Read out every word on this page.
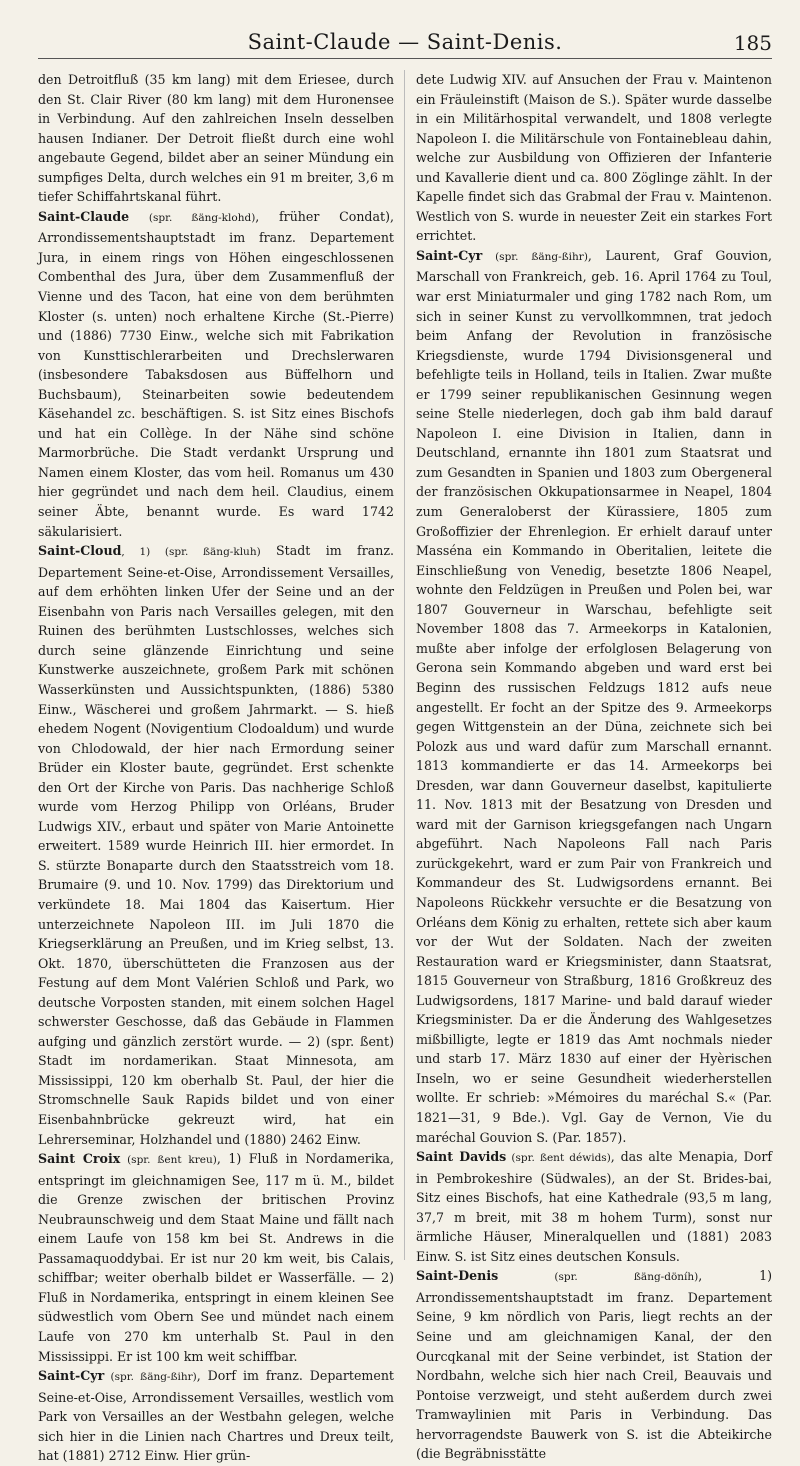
Saint-Claude — Saint-Denis.	185

den Detroitfluß (35 km lang) mit dem Eriesee, durch den St. Clair River (80 km lang) mit dem Huronensee in Verbindung. Auf den zahlreichen Inseln desselben hausen Indianer. Der Detroit fließt durch eine wohl angebaute Gegend, bildet aber an seiner Mündung ein sumpfiges Delta, durch welches ein 91 m breiter, 3,6 m tiefer Schiffahrtskanal führt.

Saint-Claude (spr. ßäng-klohd), früher Condat), Arrondissementshauptstadt im franz. Departement Jura, in einem rings von Höhen eingeschlossenen Combenthal des Jura, über dem Zusammenfluß der Vienne und des Tacon, hat eine von dem berühmten Kloster (s. unten) noch erhaltene Kirche (St.-Pierre) und (1886) 7730 Einw., welche sich mit Fabrikation von Kunsttischlerarbeiten und Drechslerwaren (insbesondere Tabaksdosen aus Büffelhorn und Buchsbaum), Steinarbeiten sowie bedeutendem Käsehandel zc. beschäftigen. S. ist Sitz eines Bischofs und hat ein Collège. In der Nähe sind schöne Marmorbrüche. Die Stadt verdankt Ursprung und Namen einem Kloster, das vom heil. Romanus um 430 hier gegründet und nach dem heil. Claudius, einem seiner Äbte, benannt wurde. Es ward 1742 säkularisiert.

Saint-Cloud, 1) (spr. ßäng-kluh) Stadt im franz. Departement Seine-et-Oise, Arrondissement Versailles, auf dem erhöhten linken Ufer der Seine und an der Eisenbahn von Paris nach Versailles gelegen, mit den Ruinen des berühmten Lustschlosses, welches sich durch seine glänzende Einrichtung und seine Kunstwerke auszeichnete, großem Park mit schönen Wasserkünsten und Aussichtspunkten, (1886) 5380 Einw., Wäscherei und großem Jahrmarkt. — S. hieß ehedem Nogent (Novigentium Clodoaldum) und wurde von Chlodowald, der hier nach Ermordung seiner Brüder ein Kloster baute, gegründet. Erst schenkte den Ort der Kirche von Paris. Das nachherige Schloß wurde vom Herzog Philipp von Orléans, Bruder Ludwigs XIV., erbaut und später von Marie Antoinette erweitert. 1589 wurde Heinrich III. hier ermordet. In S. stürzte Bonaparte durch den Staatsstreich vom 18. Brumaire (9. und 10. Nov. 1799) das Direktorium und verkündete 18. Mai 1804 das Kaisertum. Hier unterzeichnete Napoleon III. im Juli 1870 die Kriegserklärung an Preußen, und im Krieg selbst, 13. Okt. 1870, überschütteten die Franzosen aus der Festung auf dem Mont Valérien Schloß und Park, wo deutsche Vorposten standen, mit einem solchen Hagel schwerster Geschosse, daß das Gebäude in Flammen aufging und gänzlich zerstört wurde. — 2) (spr. ßent) Stadt im nordamerikan. Staat Minnesota, am Mississippi, 120 km oberhalb St. Paul, der hier die Stromschnelle Sauk Rapids bildet und von einer Eisenbahnbrücke gekreuzt wird, hat ein Lehrerseminar, Holzhandel und (1880) 2462 Einw.

Saint Croix (spr. ßent kreu), 1) Fluß in Nordamerika, entspringt im gleichnamigen See, 117 m ü. M., bildet die Grenze zwischen der britischen Provinz Neubraunschweig und dem Staat Maine und fällt nach einem Laufe von 158 km bei St. Andrews in die Passamaquoddybai. Er ist nur 20 km weit, bis Calais, schiffbar; weiter oberhalb bildet er Wasserfälle. — 2) Fluß in Nordamerika, entspringt in einem kleinen See südwestlich vom Obern See und mündet nach einem Laufe von 270 km unterhalb St. Paul in den Mississippi. Er ist 100 km weit schiffbar.

Saint-Cyr (spr. ßäng-ßihr), Dorf im franz. Departement Seine-et-Oise, Arrondissement Versailles, westlich vom Park von Versailles an der Westbahn gelegen, welche sich hier in die Linien nach Chartres und Dreux teilt, hat (1881) 2712 Einw. Hier grün-

dete Ludwig XIV. auf Ansuchen der Frau v. Maintenon ein Fräuleinstift (Maison de S.). Später wurde dasselbe in ein Militärhospital verwandelt, und 1808 verlegte Napoleon I. die Militärschule von Fontainebleau dahin, welche zur Ausbildung von Offizieren der Infanterie und Kavallerie dient und ca. 800 Zöglinge zählt. In der Kapelle findet sich das Grabmal der Frau v. Maintenon. Westlich von S. wurde in neuester Zeit ein starkes Fort errichtet.

Saint-Cyr (spr. ßäng-ßihr), Laurent, Graf Gouvion, Marschall von Frankreich, geb. 16. April 1764 zu Toul, war erst Miniaturmaler und ging 1782 nach Rom, um sich in seiner Kunst zu vervollkommnen, trat jedoch beim Anfang der Revolution in französische Kriegsdienste, wurde 1794 Divisionsgeneral und befehligte teils in Holland, teils in Italien. Zwar mußte er 1799 seiner republikanischen Gesinnung wegen seine Stelle niederlegen, doch gab ihm bald darauf Napoleon I. eine Division in Italien, dann in Deutschland, ernannte ihn 1801 zum Staatsrat und zum Gesandten in Spanien und 1803 zum Obergeneral der französischen Okkupationsarmee in Neapel, 1804 zum Generaloberst der Kürassiere, 1805 zum Großoffizier der Ehrenlegion. Er erhielt darauf unter Masséna ein Kommando in Oberitalien, leitete die Einschließung von Venedig, besetzte 1806 Neapel, wohnte den Feldzügen in Preußen und Polen bei, war 1807 Gouverneur in Warschau, befehligte seit November 1808 das 7. Armeekorps in Katalonien, mußte aber infolge der erfolglosen Belagerung von Gerona sein Kommando abgeben und ward erst bei Beginn des russischen Feldzugs 1812 aufs neue angestellt. Er focht an der Spitze des 9. Armeekorps gegen Wittgenstein an der Düna, zeichnete sich bei Polozk aus und ward dafür zum Marschall ernannt. 1813 kommandierte er das 14. Armeekorps bei Dresden, war dann Gouverneur daselbst, kapitulierte 11. Nov. 1813 mit der Besatzung von Dresden und ward mit der Garnison kriegsgefangen nach Ungarn abgeführt. Nach Napoleons Fall nach Paris zurückgekehrt, ward er zum Pair von Frankreich und Kommandeur des St. Ludwigsordens ernannt. Bei Napoleons Rückkehr versuchte er die Besatzung von Orléans dem König zu erhalten, rettete sich aber kaum vor der Wut der Soldaten. Nach der zweiten Restauration ward er Kriegsminister, dann Staatsrat, 1815 Gouverneur von Straßburg, 1816 Großkreuz des Ludwigsordens, 1817 Marine- und bald darauf wieder Kriegsminister. Da er die Änderung des Wahlgesetzes mißbilligte, legte er 1819 das Amt nochmals nieder und starb 17. März 1830 auf einer der Hyèrischen Inseln, wo er seine Gesundheit wiederherstellen wollte. Er schrieb: »Mémoires du maréchal S.« (Par. 1821—31, 9 Bde.). Vgl. Gay de Vernon, Vie du maréchal Gouvion S. (Par. 1857).

Saint Davids (spr. ßent déwids), das alte Menapia, Dorf in Pembrokeshire (Südwales), an der St. Brides-bai, Sitz eines Bischofs, hat eine Kathedrale (93,5 m lang, 37,7 m breit, mit 38 m hohem Turm), sonst nur ärmliche Häuser, Mineralquellen und (1881) 2083 Einw. S. ist Sitz eines deutschen Konsuls.

Saint-Denis (spr. ßäng-döníh), 1) Arrondissementshauptstadt im franz. Departement Seine, 9 km nördlich von Paris, liegt rechts an der Seine und am gleichnamigen Kanal, der den Ourcqkanal mit der Seine verbindet, ist Station der Nordbahn, welche sich hier nach Creil, Beauvais und Pontoise verzweigt, und steht außerdem durch zwei Tramwaylinien mit Paris in Verbindung. Das hervorragendste Bauwerk von S. ist die Abteikirche (die Begräbnisstätte
